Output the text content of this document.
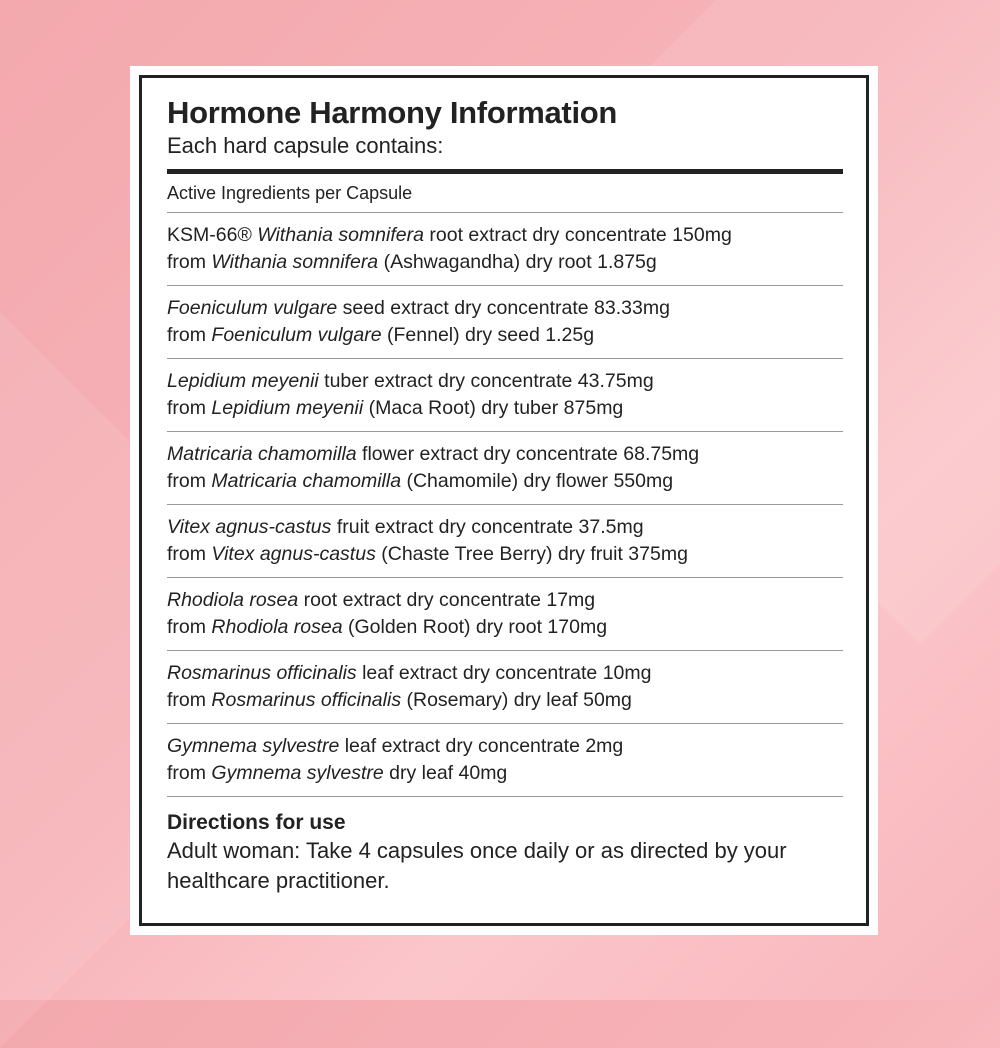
Hormone Harmony Information

Each hard capsule contains:

Active Ingredients per Capsule
KSM-66® Withania somnifera root extract dry concentrate 150mg
from Withania somnifera (Ashwagandha) dry root 1.875g
Foeniculum vulgare seed extract dry concentrate 83.33mg
from Foeniculum vulgare (Fennel) dry seed 1.25g
Lepidium meyenii tuber extract dry concentrate 43.75mg
from Lepidium meyenii (Maca Root) dry tuber 875mg
Matricaria chamomilla flower extract dry concentrate 68.75mg
from Matricaria chamomilla (Chamomile) dry flower 550mg
Vitex agnus-castus fruit extract dry concentrate 37.5mg
from Vitex agnus-castus (Chaste Tree Berry) dry fruit 375mg
Rhodiola rosea root extract dry concentrate 17mg
from Rhodiola rosea (Golden Root) dry root 170mg
Rosmarinus officinalis leaf extract dry concentrate 10mg
from Rosmarinus officinalis (Rosemary) dry leaf 50mg
Gymnema sylvestre leaf extract dry concentrate 2mg
from Gymnema sylvestre dry leaf 40mg
Directions for use
Adult woman: Take 4 capsules once daily or as directed by your healthcare practitioner.
